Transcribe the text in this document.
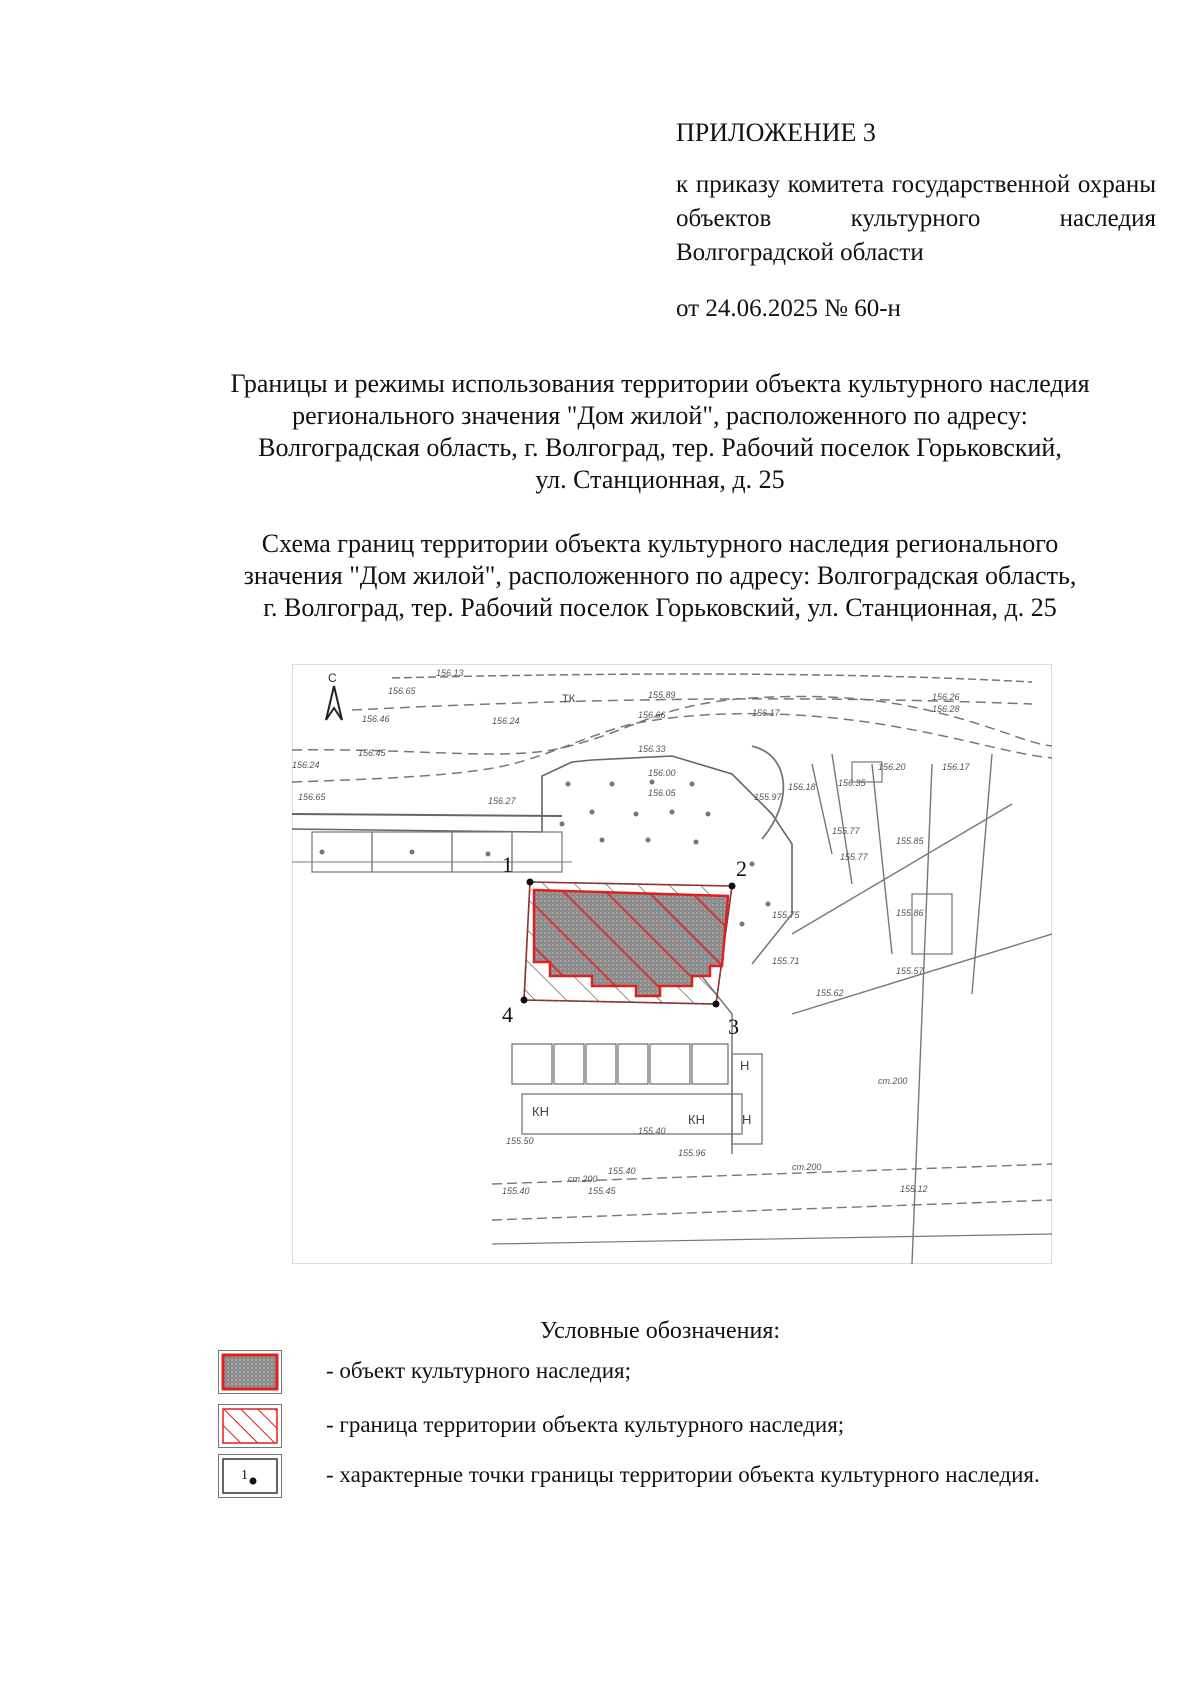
ПРИЛОЖЕНИЕ 3
к приказу комитета государственной охраны объектов культурного наследия Волгоградской области
от 24.06.2025 № 60-н
Границы и режимы использования территории объекта культурного наследия
регионального значения "Дом жилой", расположенного по адресу:
Волгоградская область, г. Волгоград, тер. Рабочий поселок Горьковский,
ул. Станционная, д. 25
Схема границ территории объекта культурного наследия регионального
значения "Дом жилой", расположенного по адресу: Волгоградская область,
г. Волгоград, тер. Рабочий поселок Горьковский, ул. Станционная, д. 25
С
ТК
КН
КН
Н
Н
1	2
3
4
156.13
156.65
156.46
156.45
156.24
156.65
155.89
156.66	156.17
156.33
156.00
156.05	155.97
156.27
156.24
155.77
155.77
155.75
155.71
155.62
155.85
155.86
155.57
156.20	156.17
156.18 156.35
156.26
156.28
155.50
155.40
155.40
155.96
155.40	155.45	155.12
ст.200
ст.200
ст.200
Условные обозначения:
- объект культурного наследия;
- граница территории объекта культурного наследия;
1	- характерные точки границы территории объекта культурного наследия.
